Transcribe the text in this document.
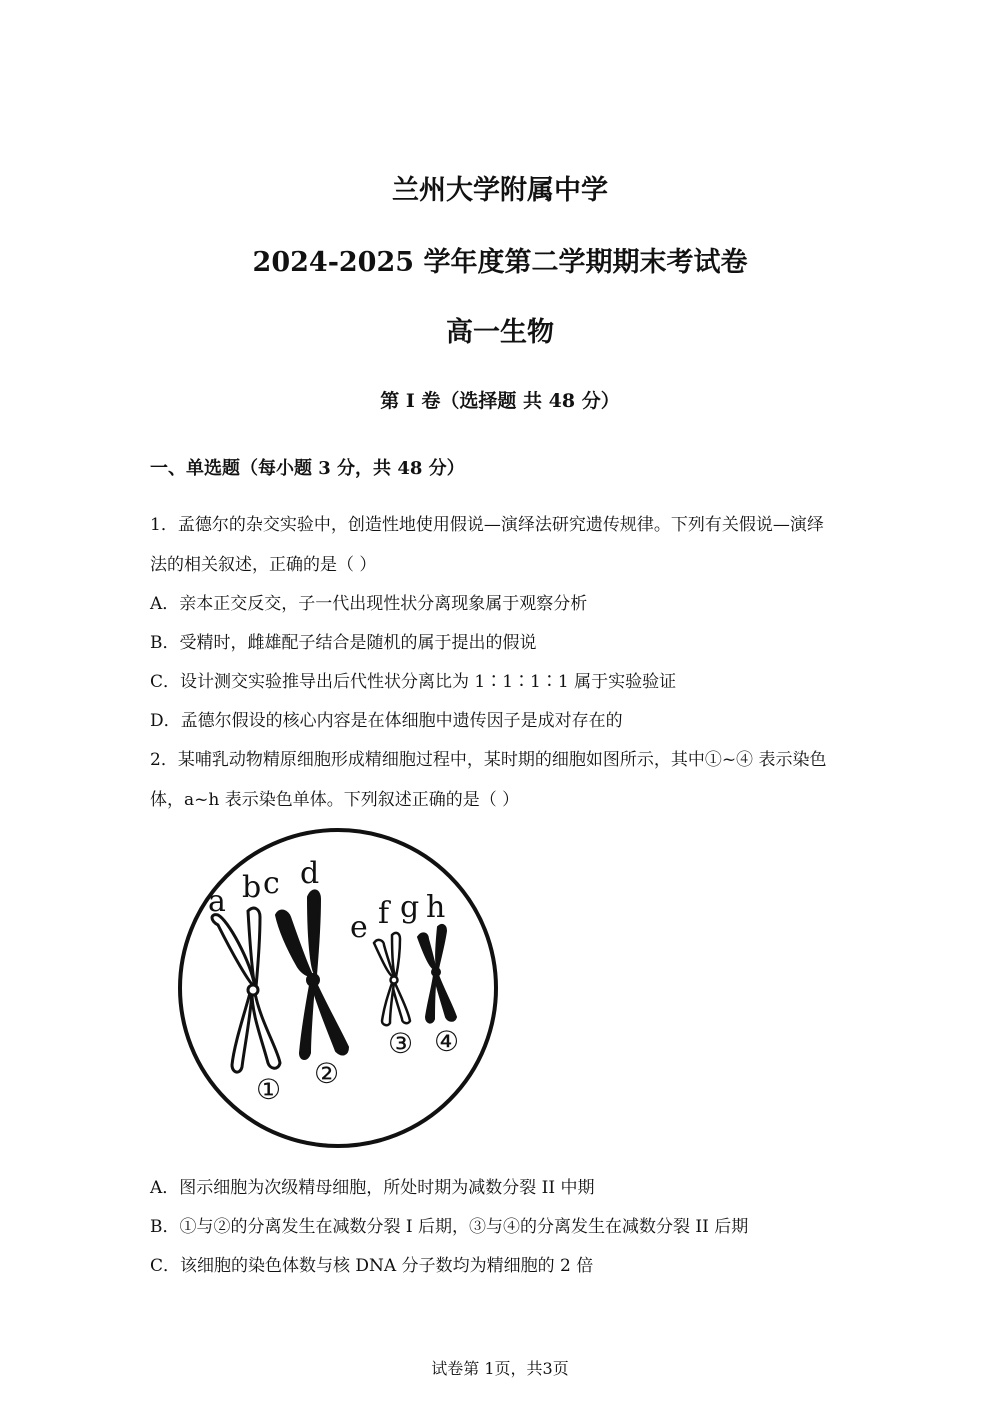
兰州大学附属中学
2024-2025 学年度第二学期期末考试卷
高一生物
第 I 卷（选择题 共 48 分）
一、单选题（每小题 3 分，共 48 分）
1．孟德尔的杂交实验中，创造性地使用假说—演绎法研究遗传规律。下列有关假说—演绎
法的相关叙述，正确的是（ ）
A．亲本正交反交，子一代出现性状分离现象属于观察分析
B．受精时，雌雄配子结合是随机的属于提出的假说
C．设计测交实验推导出后代性状分离比为 1∶1∶1∶1 属于实验验证
D．孟德尔假设的核心内容是在体细胞中遗传因子是成对存在的
2．某哺乳动物精原细胞形成精细胞过程中，某时期的细胞如图所示，其中①~④ 表示染色
体，a~h 表示染色单体。下列叙述正确的是（ ）
a b c d
e f g h
① ②
③ ④
A．图示细胞为次级精母细胞，所处时期为减数分裂 II 中期
B．①与②的分离发生在减数分裂 I 后期，③与④的分离发生在减数分裂 II 后期
C．该细胞的染色体数与核 DNA 分子数均为精细胞的 2 倍
试卷第 1页，共3页
